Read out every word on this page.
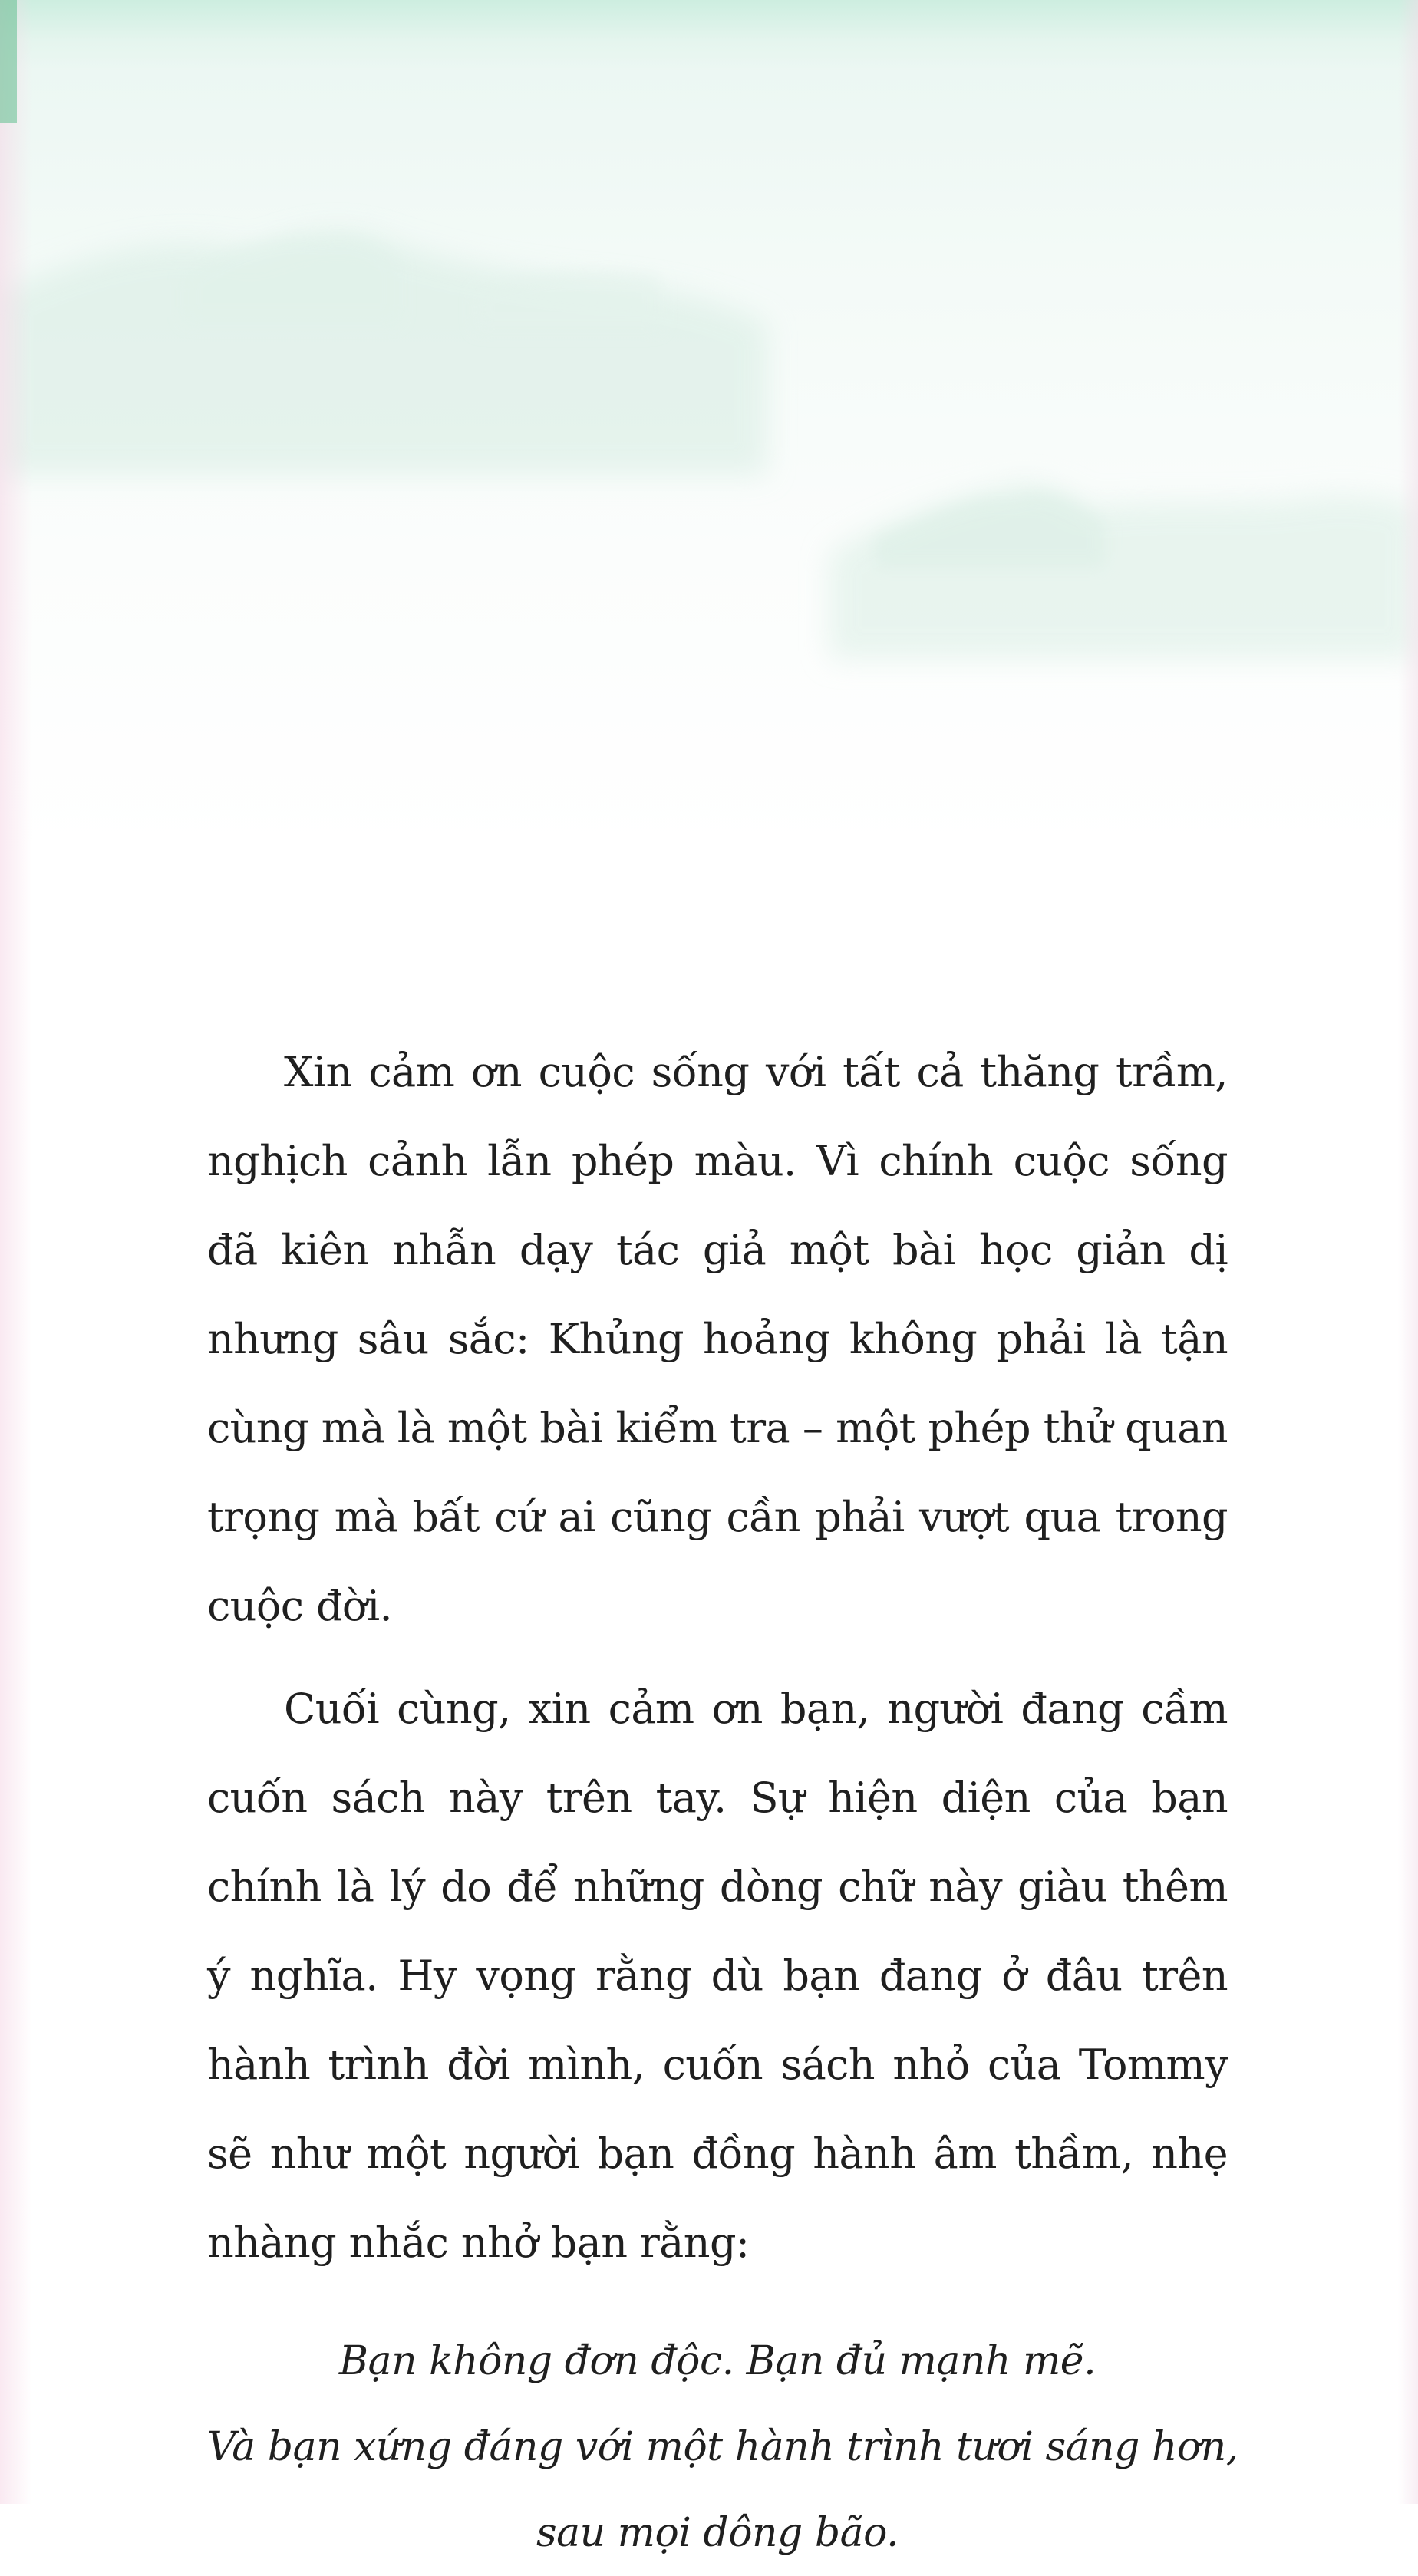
Xin cảm ơn cuộc sống với tất cả thăng trầm, nghịch cảnh lẫn phép màu. Vì chính cuộc sống đã kiên nhẫn dạy tác giả một bài học giản dị nhưng sâu sắc: Khủng hoảng không phải là tận cùng mà là một bài kiểm tra – một phép thử quan trọng mà bất cứ ai cũng cần phải vượt qua trong cuộc đời.

Cuối cùng, xin cảm ơn bạn, người đang cầm cuốn sách này trên tay. Sự hiện diện của bạn chính là lý do để những dòng chữ này giàu thêm ý nghĩa. Hy vọng rằng dù bạn đang ở đâu trên hành trình đời mình, cuốn sách nhỏ của Tommy sẽ như một người bạn đồng hành âm thầm, nhẹ nhàng nhắc nhở bạn rằng:

Bạn không đơn độc. Bạn đủ mạnh mẽ.
Và bạn xứng đáng với một hành trình tươi sáng hơn,
sau mọi dông bão.
